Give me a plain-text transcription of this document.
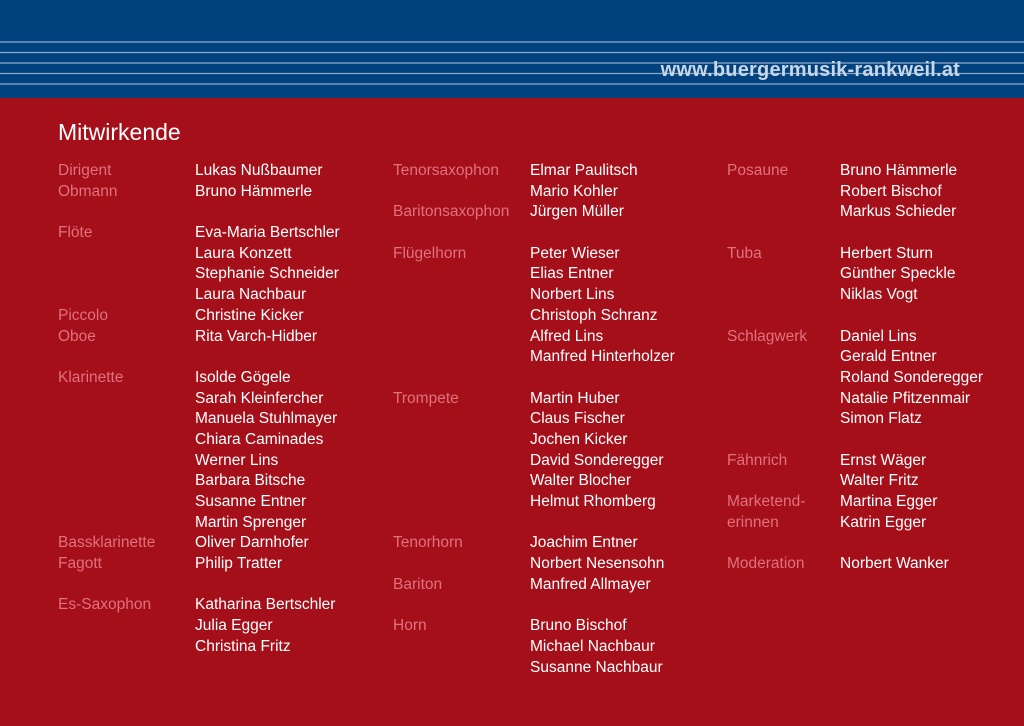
www.buergermusik-rankweil.at
Mitwirkende
Dirigent	Lukas Nußbaumer
Obmann	Bruno Hämmerle
Flöte	Eva-Maria Bertschler
Laura Konzett
Stephanie Schneider
Laura Nachbaur
Piccolo	Christine Kicker
Oboe	Rita Varch-Hidber
Klarinette	Isolde Gögele
Sarah Kleinfercher
Manuela Stuhlmayer
Chiara Caminades
Werner Lins
Barbara Bitsche
Susanne Entner
Martin Sprenger
Bassklarinette	Oliver Darnhofer
Fagott	Philip Tratter
Es-Saxophon	Katharina Bertschler
Julia Egger
Christina Fritz
Tenorsaxophon Elmar Paulitsch
Mario Kohler
Baritonsaxophon Jürgen Müller
Flügelhorn	Peter Wieser
Elias Entner
Norbert Lins
Christoph Schranz
Alfred Lins
Manfred Hinterholzer
Trompete	Martin Huber
Claus Fischer
Jochen Kicker
David Sonderegger
Walter Blocher
Helmut Rhomberg
Tenorhorn	Joachim Entner
Norbert Nesensohn
Bariton	Manfred Allmayer
Horn	Bruno Bischof
Michael Nachbaur
Susanne Nachbaur
Posaune	Bruno Hämmerle
Robert Bischof
Markus Schieder
Tuba	Herbert Sturn
Günther Speckle
Niklas Vogt
Schlagwerk Daniel Lins
Gerald Entner
Roland Sonderegger
Natalie Pfitzenmair
Simon Flatz
Fähnrich	Ernst Wäger
Walter Fritz
Marketend- Martina Egger
erinnen	Katrin Egger
Moderation Norbert Wanker
